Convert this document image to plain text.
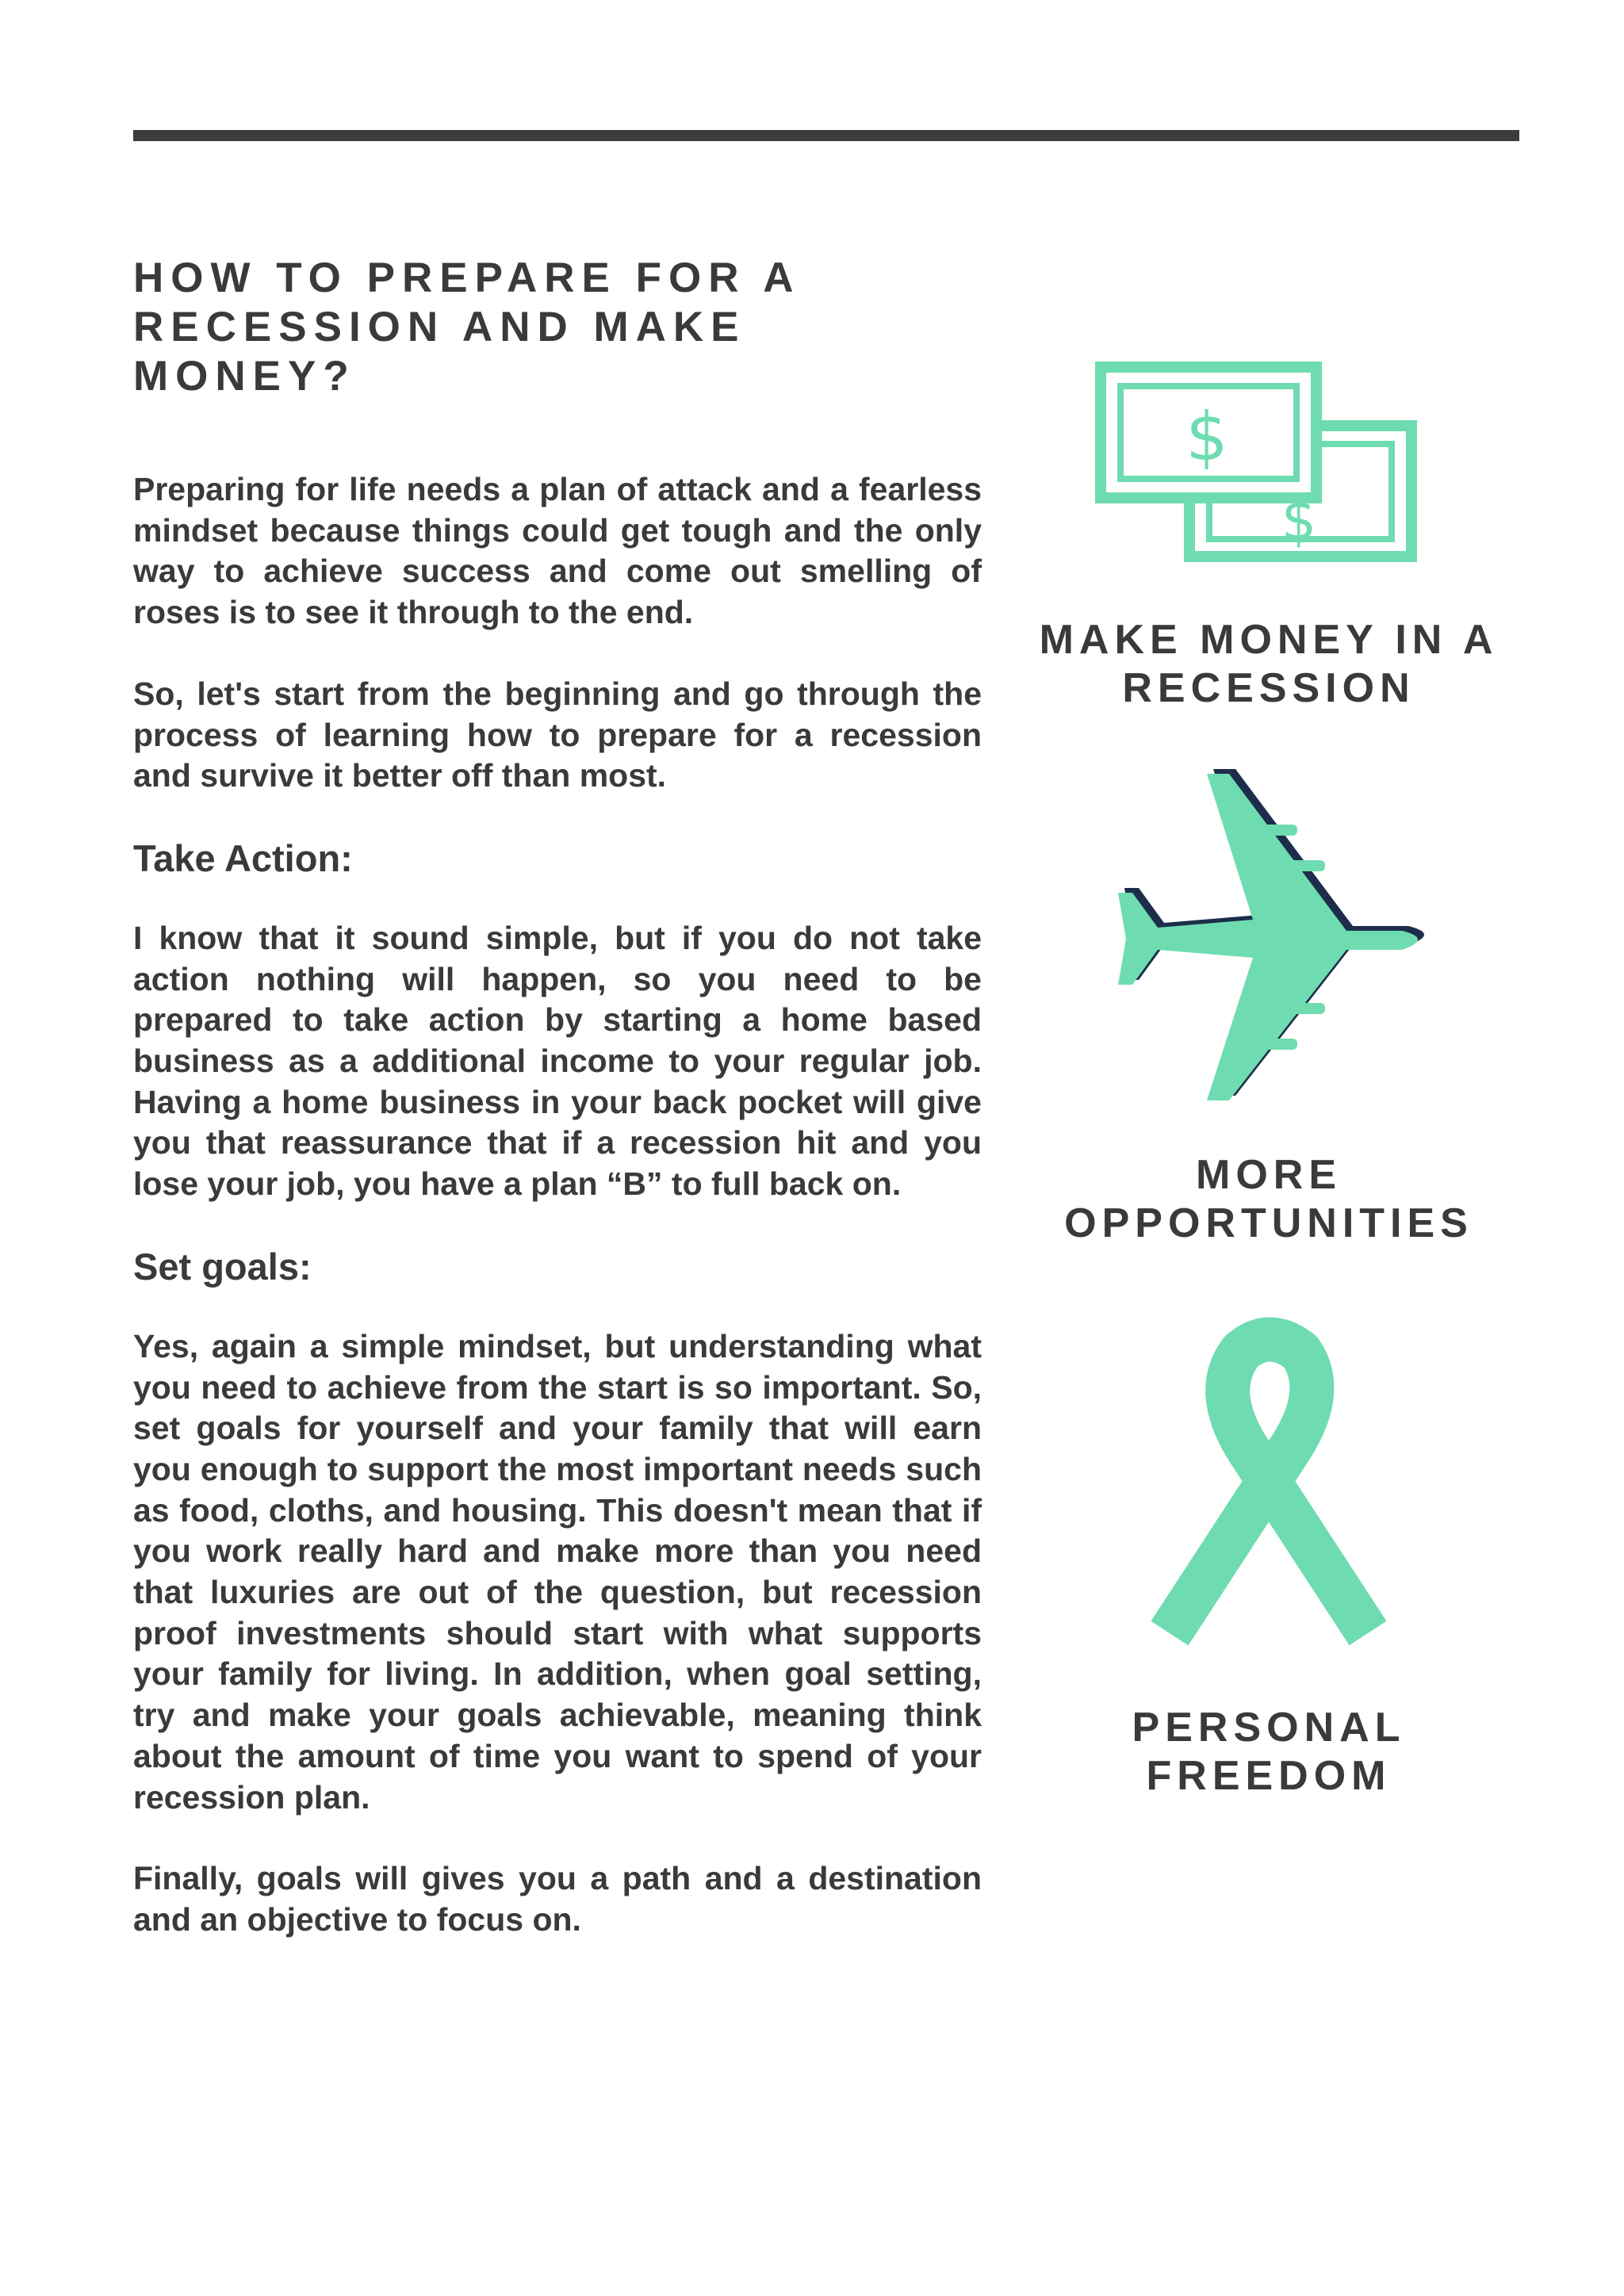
HOW TO PREPARE FOR A RECESSION AND MAKE MONEY?

Preparing for life needs a plan of attack and a fearless mindset because things could get tough and the only way to achieve success and come out smelling of roses is to see it through to the end.

So, let's start from the beginning and go through the process of learning how to prepare for a recession and survive it better off than most.

Take Action:

I know that it sound simple, but if you do not take action nothing will happen, so you need to be prepared to take action by starting a home based business as a additional income to your regular job. Having a home business in your back pocket will give you that reassurance that if a recession hit and you lose your job, you have a plan “B” to full back on.

Set goals:

Yes, again a simple mindset, but understanding what you need to achieve from the start is so important. So, set goals for yourself and your family that will earn you enough to support the most important needs such as food, cloths, and housing. This doesn't mean that if you work really hard and make more than you need that luxuries are out of the question, but recession proof investments should start with what supports your family for living. In addition, when goal setting, try and make your goals achievable, meaning think about the amount of time you want to spend of your recession plan.

Finally, goals will gives you a path and a destination and an objective to focus on.

$
$
MAKE MONEY IN A RECESSION
MORE OPPORTUNITIES
PERSONAL FREEDOM
